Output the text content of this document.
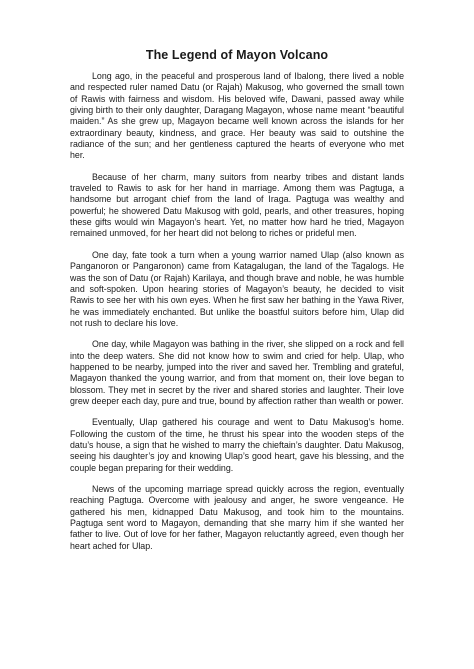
The Legend of Mayon Volcano

Long ago, in the peaceful and prosperous land of Ibalong, there lived a noble and respected ruler named Datu (or Rajah) Makusog, who governed the small town of Rawis with fairness and wisdom. His beloved wife, Dawani, passed away while giving birth to their only daughter, Daragang Magayon, whose name meant “beautiful maiden.” As she grew up, Magayon became well known across the islands for her extraordinary beauty, kindness, and grace. Her beauty was said to outshine the radiance of the sun; and her gentleness captured the hearts of everyone who met her.

Because of her charm, many suitors from nearby tribes and distant lands traveled to Rawis to ask for her hand in marriage. Among them was Pagtuga, a handsome but arrogant chief from the land of Iraga. Pagtuga was wealthy and powerful; he showered Datu Makusog with gold, pearls, and other treasures, hoping these gifts would win Magayon’s heart. Yet, no matter how hard he tried, Magayon remained unmoved, for her heart did not belong to riches or prideful men.

One day, fate took a turn when a young warrior named Ulap (also known as Panganoron or Pangaronon) came from Katagalugan, the land of the Tagalogs. He was the son of Datu (or Rajah) Karilaya, and though brave and noble, he was humble and soft-spoken. Upon hearing stories of Magayon’s beauty, he decided to visit Rawis to see her with his own eyes. When he first saw her bathing in the Yawa River, he was immediately enchanted. But unlike the boastful suitors before him, Ulap did not rush to declare his love.

One day, while Magayon was bathing in the river, she slipped on a rock and fell into the deep waters. She did not know how to swim and cried for help. Ulap, who happened to be nearby, jumped into the river and saved her. Trembling and grateful, Magayon thanked the young warrior, and from that moment on, their love began to blossom. They met in secret by the river and shared stories and laughter. Their love grew deeper each day, pure and true, bound by affection rather than wealth or power.

Eventually, Ulap gathered his courage and went to Datu Makusog’s home. Following the custom of the time, he thrust his spear into the wooden steps of the datu’s house, a sign that he wished to marry the chieftain’s daughter. Datu Makusog, seeing his daughter’s joy and knowing Ulap’s good heart, gave his blessing, and the couple began preparing for their wedding.

News of the upcoming marriage spread quickly across the region, eventually reaching Pagtuga. Overcome with jealousy and anger, he swore vengeance. He gathered his men, kidnapped Datu Makusog, and took him to the mountains. Pagtuga sent word to Magayon, demanding that she marry him if she wanted her father to live. Out of love for her father, Magayon reluctantly agreed, even though her heart ached for Ulap.
